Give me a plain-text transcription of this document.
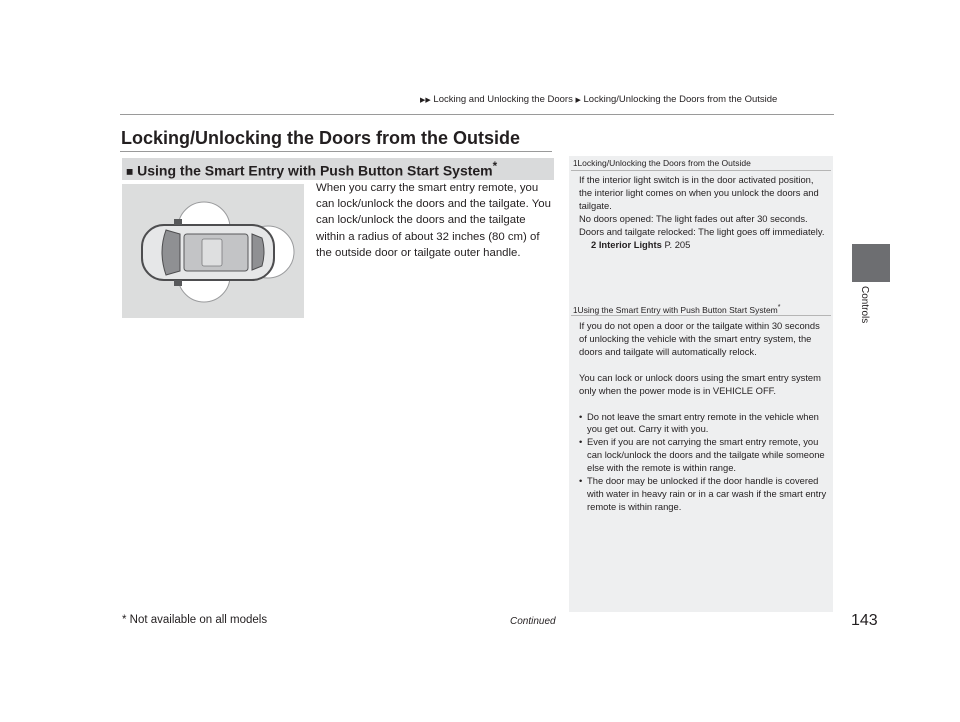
▶▶ Locking and Unlocking the Doors ▶ Locking/Unlocking the Doors from the Outside
Locking/Unlocking the Doors from the Outside
Controls
■ Using the Smart Entry with Push Button Start System*
When you carry the smart entry remote, you can lock/unlock the doors and the tailgate. You can lock/unlock the doors and the tailgate within a radius of about 32 inches (80 cm) of the outside door or tailgate outer handle.
1Locking/Unlocking the Doors from the Outside

If the interior light switch is in the door activated position, the interior light comes on when you unlock the doors and tailgate.

No doors opened: The light fades out after 30 seconds.

Doors and tailgate relocked: The light goes off immediately.

2 Interior Lights P. 205

1Using the Smart Entry with Push Button Start System*

If you do not open a door or the tailgate within 30 seconds of unlocking the vehicle with the smart entry system, the doors and tailgate will automatically relock.

You can lock or unlock doors using the smart entry system only when the power mode is in VEHICLE OFF.

• Do not leave the smart entry remote in the vehicle when you get out. Carry it with you.
• Even if you are not carrying the smart entry remote, you can lock/unlock the doors and the tailgate while someone else with the remote is within range.
• The door may be unlocked if the door handle is covered with water in heavy rain or in a car wash if the smart entry remote is within range.
* Not available on all models	Continued	143
